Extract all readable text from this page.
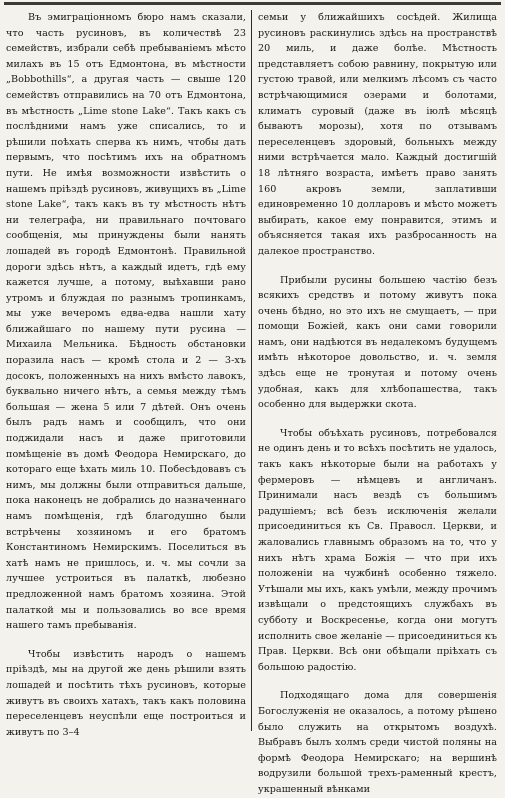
Въ эмиграціонномъ бюро намъ сказали, что часть русиновъ, въ количествѣ 23 семействъ, избрали себѣ пребываніемъ мѣсто милахъ въ 15 отъ Едмонтона, въ мѣстности „Bobbothills“, а другая часть — свыше 120 семействъ отправились на 70 отъ Едмонтона, въ мѣстность „Lime stone Lake“. Такъ какъ съ послѣдними намъ уже списались, то и рѣшили поѣхать сперва къ нимъ, чтобы дать первымъ, что посѣтимъ ихъ на обратномъ пути. Не имѣя возможности извѣстить о нашемъ пріѣздѣ русиновъ, живущихъ въ „Lime stone Lake“, такъ какъ въ ту мѣстность нѣтъ ни телеграфа, ни правильнаго почтоваго сообщенія, мы принуждены были нанять лошадей въ городѣ Едмонтонѣ. Правильной дороги здѣсь нѣтъ, а каждый идетъ, гдѣ ему кажется лучше, а потому, выѣхавши рано утромъ и блуждая по разнымъ тропинкамъ, мы уже вечеромъ едва-едва нашли хату ближайшаго по нашему пути русина — Михаила Мельника. Бѣдность обстановки поразила насъ — кромѣ стола и 2 — 3-хъ досокъ, положенныхъ на нихъ вмѣсто лавокъ, буквально ничего нѣтъ, а семья между тѣмъ большая — жена 5 или 7 дѣтей. Онъ очень былъ радъ намъ и сообщилъ, что они поджидали насъ и даже приготовили помѣщеніе въ домѣ Феодора Немирскаго, до котораго еще ѣхать миль 10. Побесѣдовавъ съ нимъ, мы должны были отправиться дальше, пока наконецъ не добрались до назначеннаго намъ помѣщенія, гдѣ благодушно были встрѣчены хозяиномъ и его братомъ Константиномъ Немирскимъ. Поселиться въ хатѣ намъ не пришлось, и. ч. мы сочли за лучшее устроиться въ палаткѣ, любезно предложенной намъ братомъ хозяина. Этой палаткой мы и пользовались во все время нашего тамъ пребыванія.

Чтобы извѣстить народъ о нашемъ пріѣздѣ, мы на другой же день рѣшили взять лошадей и посѣтить тѣхъ русиновъ, которые живутъ въ своихъ хатахъ, такъ какъ половина переселенцевъ неуспѣли еще построиться и живутъ по 3–4

семьи у ближайшихъ сосѣдей. Жилища русиновъ раскинулись здѣсь на пространствѣ 20 миль, и даже болѣе. Мѣстность представляетъ собою равнину, покрытую или густою травой, или мелкимъ лѣсомъ съ часто встрѣчающимися озерами и болотами, климатъ суровый (даже въ іюлѣ мѣсяцѣ бываютъ морозы), хотя по отзывамъ переселенцевъ здоровый, больныхъ между ними встрѣчается мало. Каждый достигшій 18 лѣтняго возраста, имѣетъ право занять 160 акровъ земли, заплативши единовременно 10 долларовъ и мѣсто можетъ выбирать, какое ему понравится, этимъ и объясняется такая ихъ разбросанность на далекое пространство.

Прибыли русины большею частію безъ всякихъ средствъ и потому живутъ пока очень бѣдно, но это ихъ не смущаетъ, — при помощи Божіей, какъ они сами говорили намъ, они надѣются въ недалекомъ будущемъ имѣть нѣкоторое довольство, и. ч. земля здѣсь еще не тронутая и потому очень удобная, какъ для хлѣбопашества, такъ особенно для выдержки скота.

Чтобы объѣхать русиновъ, потребовался не одинъ день и то всѣхъ посѣтить не удалось, такъ какъ нѣкоторые были на работахъ у фермеровъ — нѣмцевъ и англичанъ. Принимали насъ вездѣ съ большимъ радушіемъ; всѣ безъ исключенія желали присоединиться къ Св. Правосл. Церкви, и жаловались главнымъ образомъ на то, что у нихъ нѣтъ храма Божія — что при ихъ положеніи на чужбинѣ особенно тяжело. Утѣшали мы ихъ, какъ умѣли, между прочимъ извѣщали о предстоящихъ службахъ въ субботу и Воскресенье, когда они могутъ исполнить свое желаніе — присоединиться къ Прав. Церкви. Всѣ они обѣщали пріѣхать съ большою радостію.

Подходящаго дома для совершенія Богослуженія не оказалось, а потому рѣшено было служить на открытомъ воздухѣ. Выбравъ былъ холмъ среди чистой поляны на формѣ Феодора Немирскаго; на вершинѣ водрузили большой трехъ-раменный крестъ, украшенный вѣнками
